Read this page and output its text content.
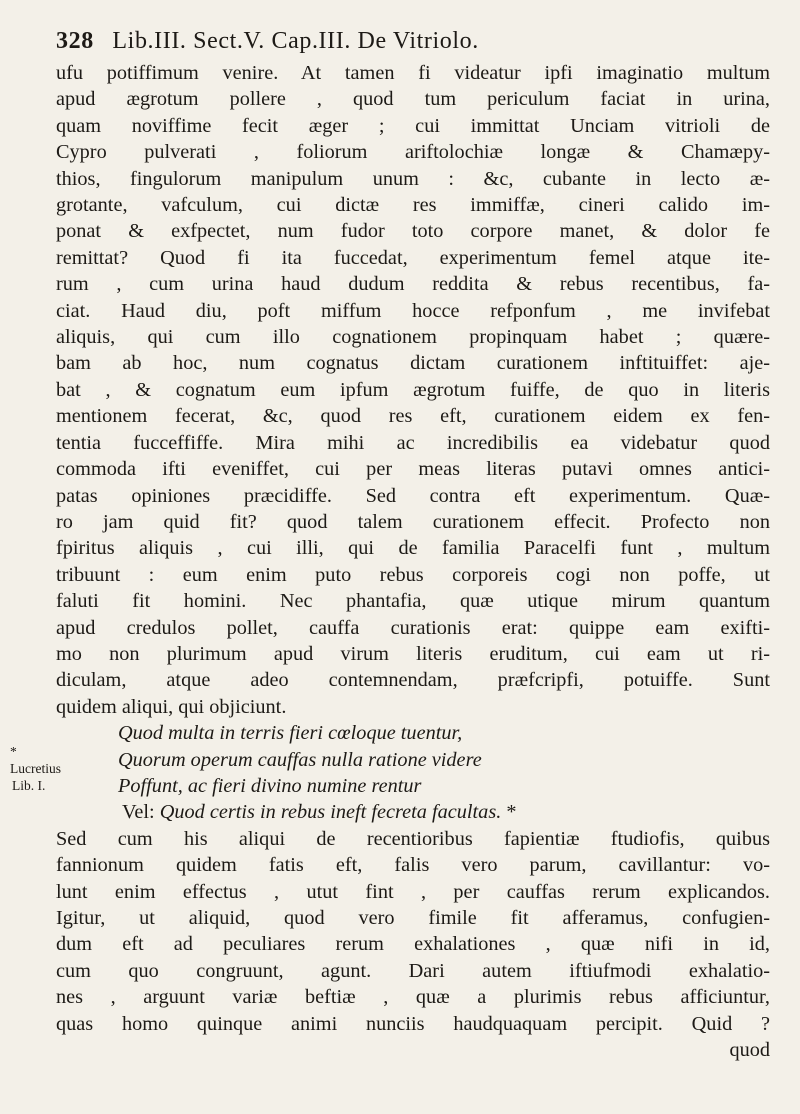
328 Lib.III. Sect.V. Cap.III. De Vitriolo.
ufu potiffimum venire. At tamen fi videatur ipfi imaginatio multum
apud ægrotum pollere , quod tum periculum faciat in urina,
quam noviffime fecit æger ; cui immittat Unciam vitrioli de
Cypro pulverati , foliorum ariftolochiæ longæ & Chamæpy-
thios, fingulorum manipulum unum : &c, cubante in lecto æ-
grotante, vafculum, cui dictæ res immiffæ, cineri calido im-
ponat & exfpectet, num fudor toto corpore manet, & dolor fe
remittat? Quod fi ita fuccedat, experimentum femel atque ite-
rum , cum urina haud dudum reddita & rebus recentibus, fa-
ciat. Haud diu, poft miffum hocce refponfum , me invifebat
aliquis, qui cum illo cognationem propinquam habet ; quære-
bam ab hoc, num cognatus dictam curationem inftituiffet: aje-
bat , & cognatum eum ipfum ægrotum fuiffe, de quo in literis
mentionem fecerat, &c, quod res eft, curationem eidem ex fen-
tentia fucceffiffe. Mira mihi ac incredibilis ea videbatur quod
commoda ifti eveniffet, cui per meas literas putavi omnes antici-
patas opiniones præcidiffe. Sed contra eft experimentum. Quæ-
ro jam quid fit? quod talem curationem effecit. Profecto non
fpiritus aliquis , cui illi, qui de familia Paracelfi funt , multum
tribuunt : eum enim puto rebus corporeis cogi non poffe, ut
faluti fit homini. Nec phantafia, quæ utique mirum quantum
apud credulos pollet, cauffa curationis erat: quippe eam exifti-
mo non plurimum apud virum literis eruditum, cui eam ut ri-
diculam, atque adeo contemnendam, præfcripfi, potuiffe. Sunt
quidem aliqui, qui objiciunt.
Quod multa in terris fieri cœloque tuentur,
Quorum operum cauffas nulla ratione videre
Poffunt, ac fieri divino numine rentur
Vel: Quod certis in rebus ineft fecreta facultas. *
Sed cum his aliqui de recentioribus fapientiæ ftudiofis, quibus
fannionum quidem fatis eft, falis vero parum, cavillantur: vo-
lunt enim effectus , utut fint , per cauffas rerum explicandos.
Igitur, ut aliquid, quod vero fimile fit afferamus, confugien-
dum eft ad peculiares rerum exhalationes , quæ nifi in id,
cum quo congruunt, agunt. Dari autem iftiufmodi exhalatio-
nes , arguunt variæ beftiæ , quæ a plurimis rebus afficiuntur,
quas homo quinque animi nunciis haudquaquam percipit. Quid ?
quod
* Lucretius
Lib. I.
